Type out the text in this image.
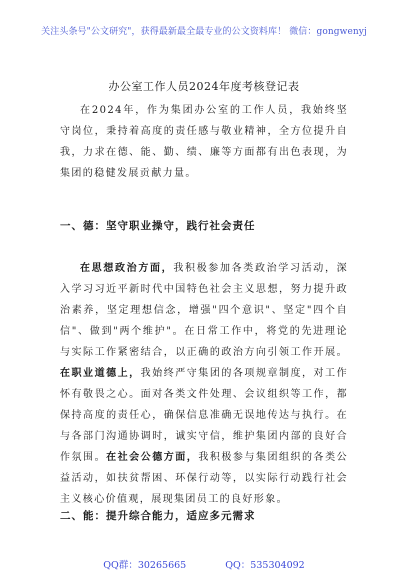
关注头条号"公文研究"，获得最新最全最专业的公文资料库！ 微信：gongwenyj
办公室工作人员2024年度考核登记表

在2024年，作为集团办公室的工作人员，我始终坚守岗位，秉持着高度的责任感与敬业精神，全方位提升自我，力求在德、能、勤、绩、廉等方面都有出色表现，为集团的稳健发展贡献力量。

一、德：坚守职业操守，践行社会责任

在思想政治方面，我积极参加各类政治学习活动，深入学习习近平新时代中国特色社会主义思想，努力提升政治素养，坚定理想信念，增强"四个意识"、坚定"四个自信"、做到"两个维护"。在日常工作中，将党的先进理论与实际工作紧密结合，以正确的政治方向引领工作开展。在职业道德上，我始终严守集团的各项规章制度，对工作怀有敬畏之心。面对各类文件处理、会议组织等工作，都保持高度的责任心，确保信息准确无误地传达与执行。在与各部门沟通协调时，诚实守信，维护集团内部的良好合作氛围。在社会公德方面，我积极参与集团组织的各类公益活动，如扶贫帮困、环保行动等，以实际行动践行社会主义核心价值观，展现集团员工的良好形象。

二、能：提升综合能力，适应多元需求
QQ群：30265665	QQ：535304092
